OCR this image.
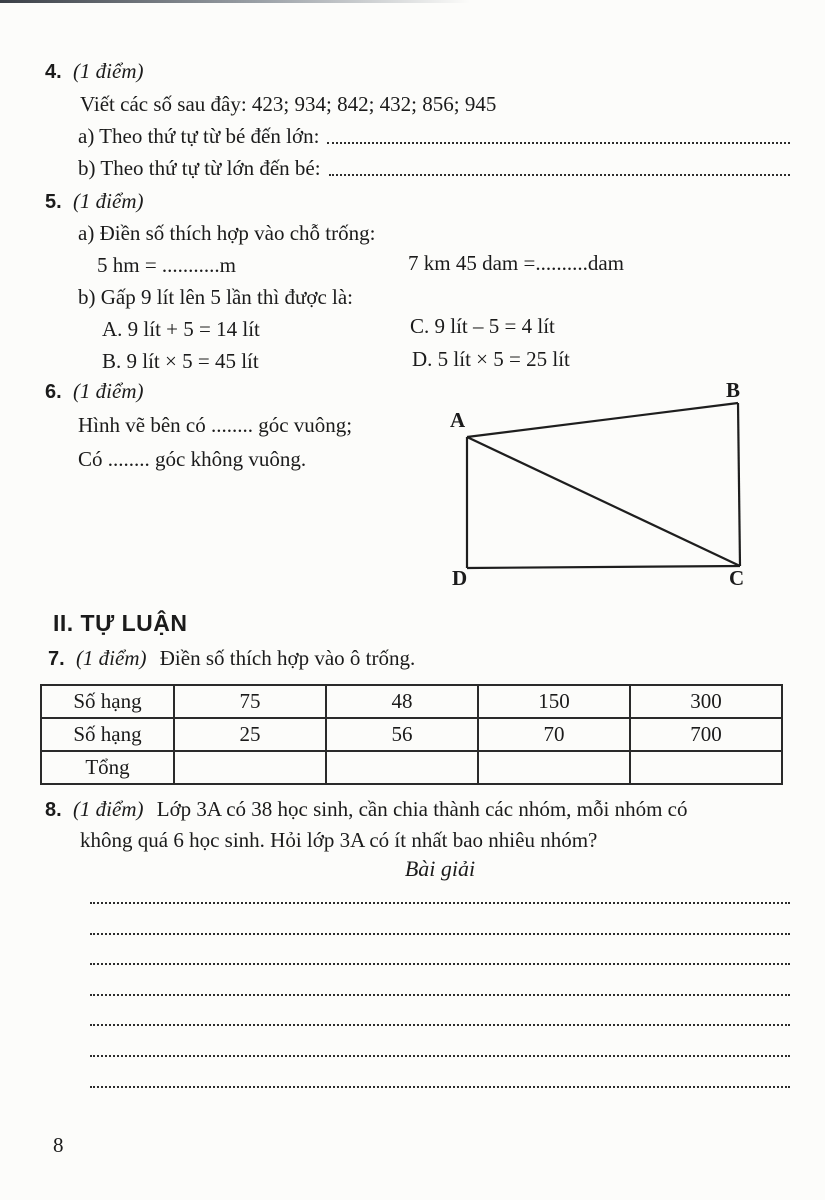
4. (1 điểm)
Viết các số sau đây: 423; 934; 842; 432; 856; 945
a) Theo thứ tự từ bé đến lớn:
b) Theo thứ tự từ lớn đến bé:
5. (1 điểm)
a) Điền số thích hợp vào chỗ trống:
5 hm = ...........m	7 km 45 dam =..........dam
b) Gấp 9 lít lên 5 lần thì được là:
A. 9 lít + 5 = 14 lít	C. 9 lít – 5 = 4 lít
B. 9 lít × 5 = 45 lít	D. 5 lít × 5 = 25 lít
6. (1 điểm)
Hình vẽ bên có ........ góc vuông;
Có ........ góc không vuông.
A
B
C
D
II. TỰ LUẬN
7. (1 điểm) Điền số thích hợp vào ô trống.
Số hạng	75	48	150	300
Số hạng	25	56	70	700
Tổng				
8. (1 điểm) Lớp 3A có 38 học sinh, cần chia thành các nhóm, mỗi nhóm có
không quá 6 học sinh. Hỏi lớp 3A có ít nhất bao nhiêu nhóm?
Bài giải
8
